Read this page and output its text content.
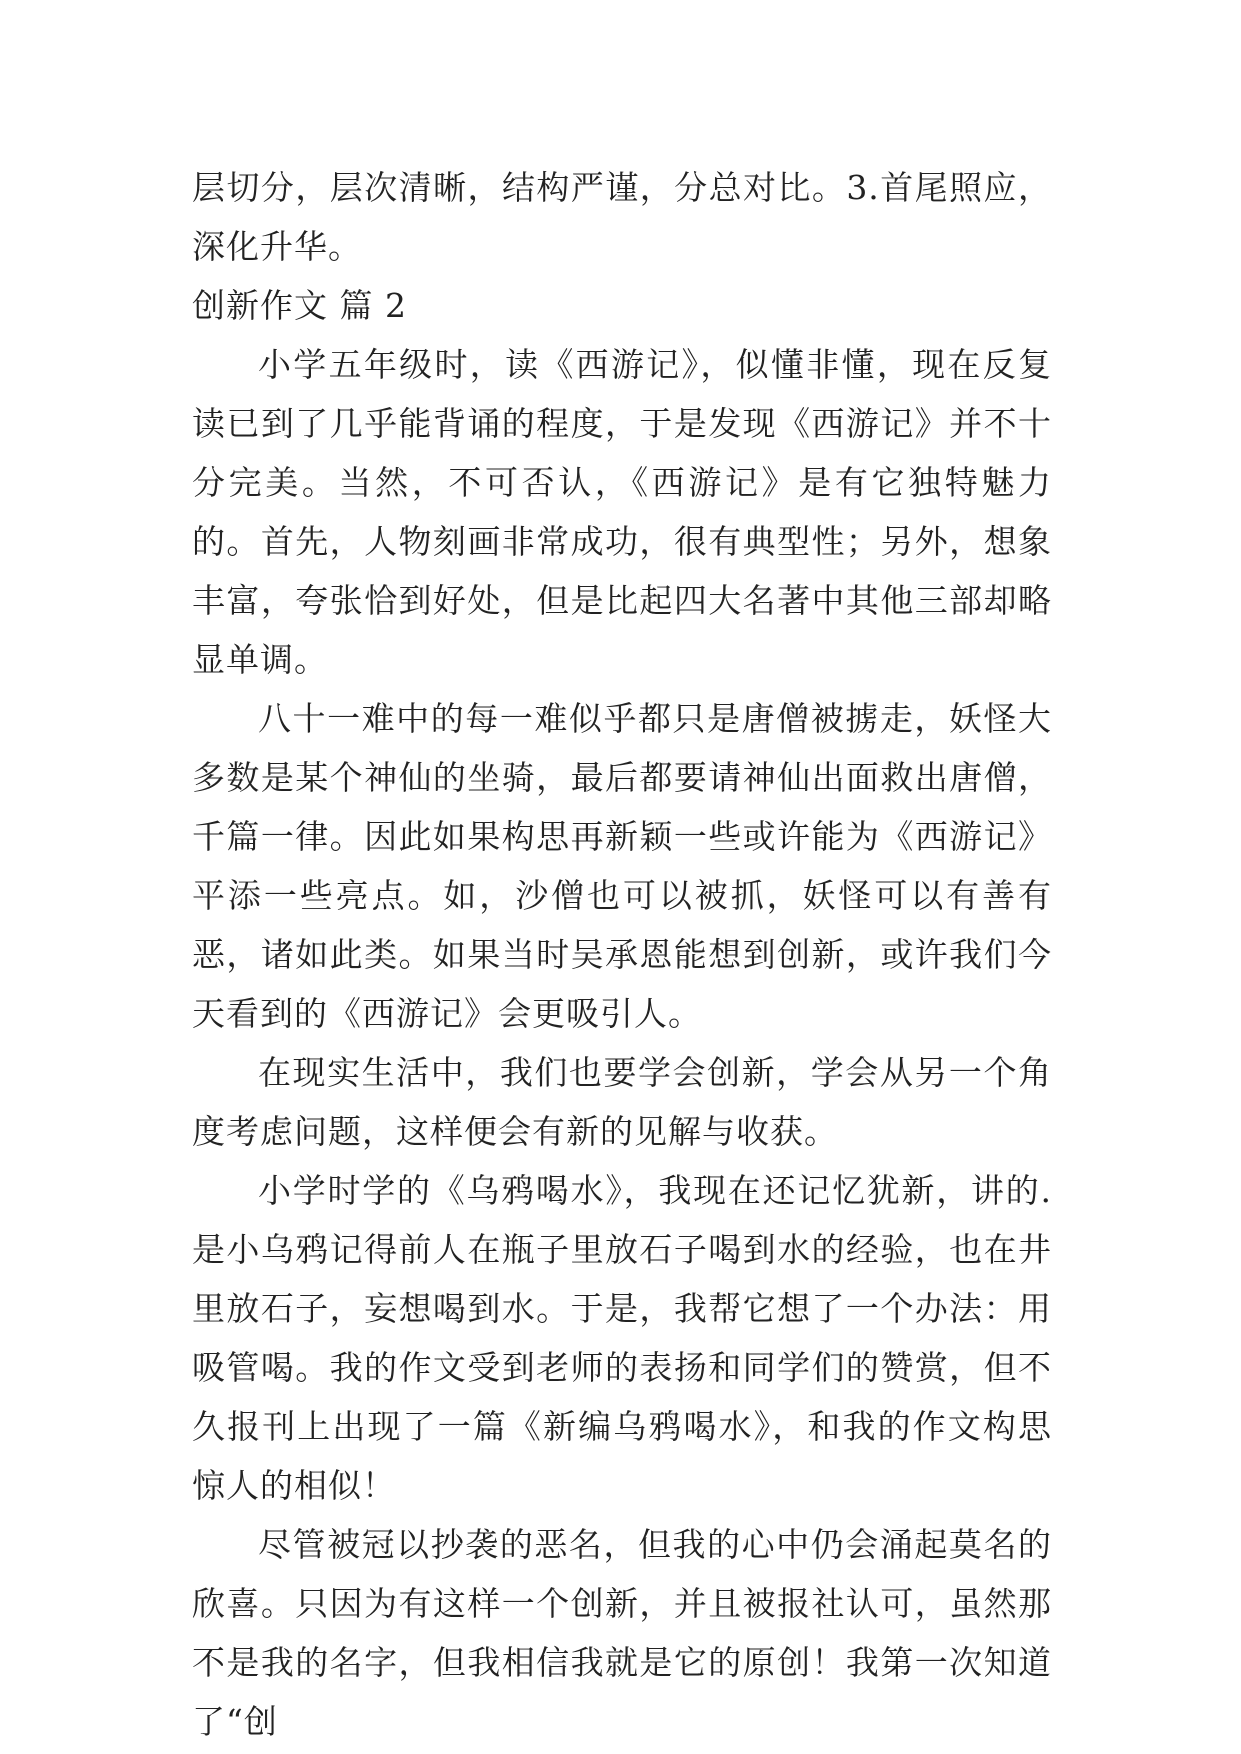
层切分，层次清晰，结构严谨，分总对比。3.首尾照应，深化升华。

创新作文 篇 2

小学五年级时，读《西游记》，似懂非懂，现在反复读已到了几乎能背诵的程度，于是发现《西游记》并不十分完美。当然，不可否认，《西游记》是有它独特魅力的。首先，人物刻画非常成功，很有典型性；另外，想象丰富，夸张恰到好处，但是比起四大名著中其他三部却略显单调。

八十一难中的每一难似乎都只是唐僧被掳走，妖怪大多数是某个神仙的坐骑，最后都要请神仙出面救出唐僧，千篇一律。因此如果构思再新颖一些或许能为《西游记》平添一些亮点。如，沙僧也可以被抓，妖怪可以有善有恶，诸如此类。如果当时吴承恩能想到创新，或许我们今天看到的《西游记》会更吸引人。

在现实生活中，我们也要学会创新，学会从另一个角度考虑问题，这样便会有新的见解与收获。

小学时学的《乌鸦喝水》，我现在还记忆犹新，讲的.是小乌鸦记得前人在瓶子里放石子喝到水的经验，也在井里放石子，妄想喝到水。于是，我帮它想了一个办法：用吸管喝。我的作文受到老师的表扬和同学们的赞赏，但不久报刊上出现了一篇《新编乌鸦喝水》，和我的作文构思惊人的相似！

尽管被冠以抄袭的恶名，但我的心中仍会涌起莫名的欣喜。只因为有这样一个创新，并且被报社认可，虽然那不是我的名字，但我相信我就是它的原创！我第一次知道了“创
